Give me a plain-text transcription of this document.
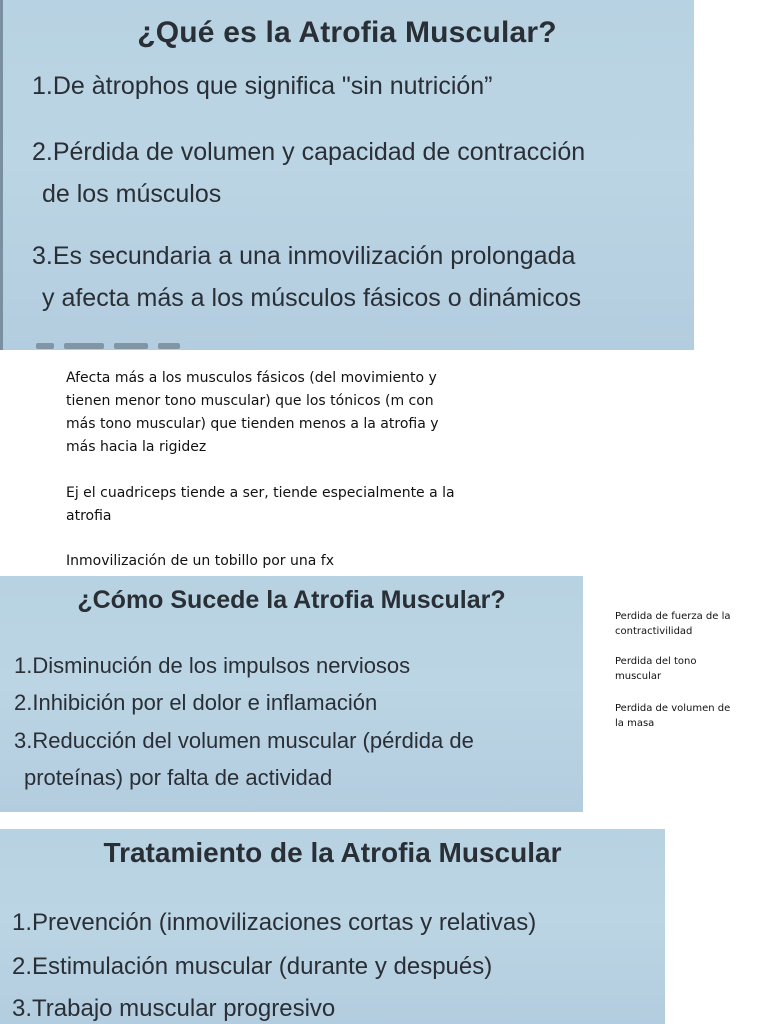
¿Qué es la Atrofia Muscular?
1.De àtrophos que significa "sin nutrición”
2.Pérdida de volumen y capacidad de contracción
de los músculos
3.Es secundaria a una inmovilización prolongada
y afecta más a los músculos fásicos o dinámicos
Afecta más a los musculos fásicos (del movimiento y
tienen menor tono muscular) que los tónicos (m con
más tono muscular) que tienden menos a la atrofia y
más hacia la rigidez
Ej el cuadriceps tiende a ser, tiende especialmente a la
atrofia
Inmovilización de un tobillo por una fx
¿Cómo Sucede la Atrofia Muscular?
1.Disminución de los impulsos nerviosos
2.Inhibición por el dolor e inflamación
3.Reducción del volumen muscular (pérdida de
proteínas) por falta de actividad
Perdida de fuerza de la
contractivilidad
Perdida del tono
muscular
Perdida de volumen de
la masa
Tratamiento de la Atrofia Muscular
1.Prevención (inmovilizaciones cortas y relativas)
2.Estimulación muscular (durante y después)
3.Trabajo muscular progresivo
